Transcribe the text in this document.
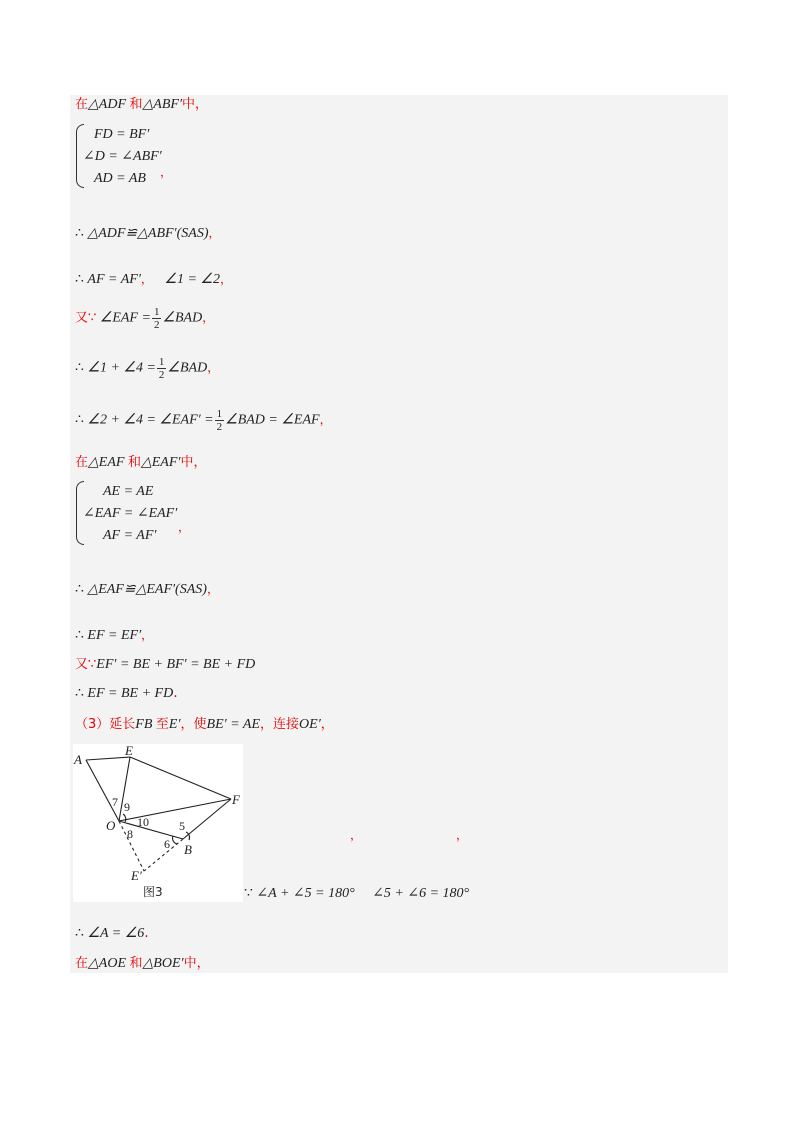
在△ADF 和△ABF′中，
FD = BF′
∠D = ∠ABF′
AD = AB ，
∴ △ADF≌△ABF′(SAS)，
∴ AF = AF′， ∠1 = ∠2，
又∵ ∠EAF = $\frac{1}{2}$ ∠BAD，
∴ ∠1 + ∠4 = $\frac{1}{2}$ ∠BAD，
∴ ∠2 + ∠4 = ∠EAF′ = $\frac{1}{2}$ ∠BAD = ∠EAF，
在△EAF 和△EAF′中，
AE = AE
∠EAF = ∠EAF′
AF = AF′
，
∴ △EAF≌△EAF′(SAS)，
∴ EF = EF′，
又∵EF′ = BE + BF′ = BE + FD
∴ EF = BE + FD.
（3）延长FB 至E′，使BE′ = AE，连接OE′，
A
E
F
O
B
E′
7 9
10
8
5
6
图3
，	，
∵ ∠A + ∠5 = 180° ∠5 + ∠6 = 180°
∴ ∠A = ∠6.
在△AOE 和△BOE′中，
